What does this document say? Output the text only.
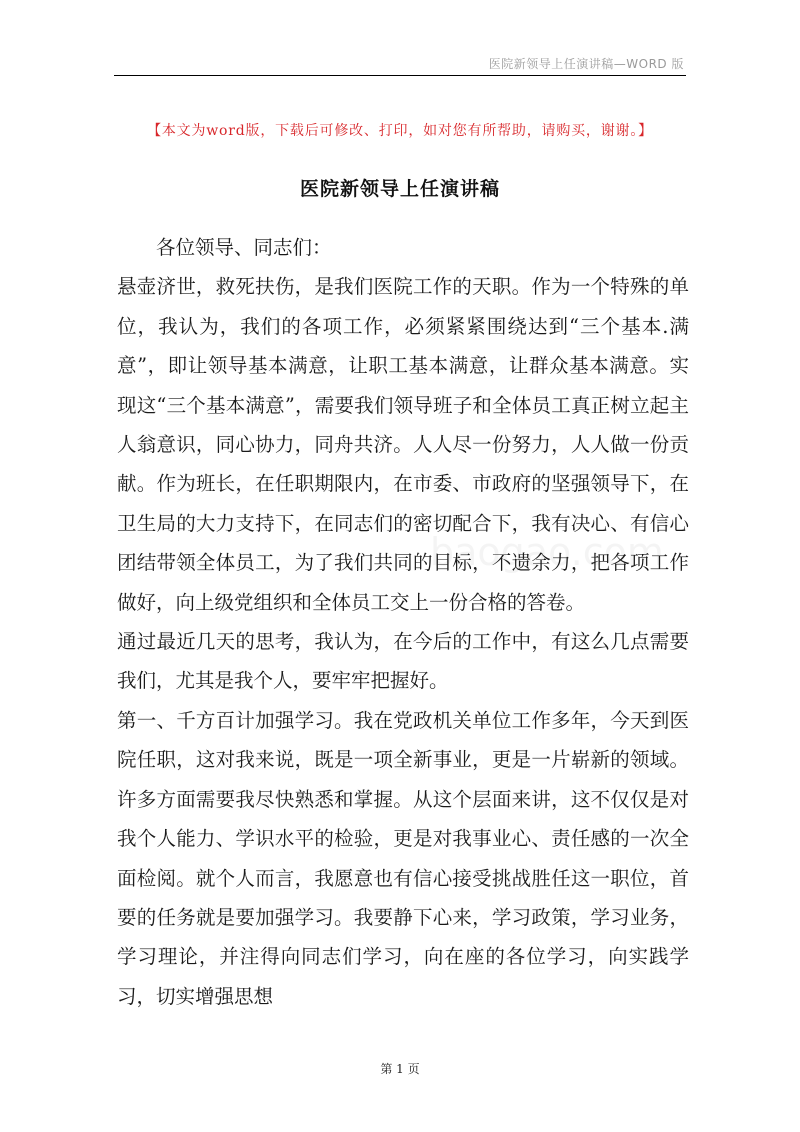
医院新领导上任演讲稿—WORD 版
【本文为word版，下载后可修改、打印，如对您有所帮助，请购买，谢谢。】
医院新领导上任演讲稿

各位领导、同志们：

悬壶济世，救死扶伤，是我们医院工作的天职。作为一个特殊的单位，我认为，我们的各项工作，必须紧紧围绕达到“三个基本.满意”，即让领导基本满意，让职工基本满意，让群众基本满意。实现这“三个基本满意”，需要我们领导班子和全体员工真正树立起主人翁意识，同心协力，同舟共济。人人尽一份努力，人人做一份贡献。作为班长，在任职期限内，在市委、市政府的坚强领导下，在卫生局的大力支持下，在同志们的密切配合下，我有决心、有信心团结带领全体员工，为了我们共同的目标，不遗余力，把各项工作做好，向上级党组织和全体员工交上一份合格的答卷。

通过最近几天的思考，我认为，在今后的工作中，有这么几点需要我们，尤其是我个人，要牢牢把握好。

第一、千方百计加强学习。我在党政机关单位工作多年，今天到医院任职，这对我来说，既是一项全新事业，更是一片崭新的领域。许多方面需要我尽快熟悉和掌握。从这个层面来讲，这不仅仅是对我个人能力、学识水平的检验，更是对我事业心、责任感的一次全面检阅。就个人而言，我愿意也有信心接受挑战胜任这一职位，首要的任务就是要加强学习。我要静下心来，学习政策，学习业务，学习理论，并注得向同志们学习，向在座的各位学习，向实践学习，切实增强思想

第 1 页
